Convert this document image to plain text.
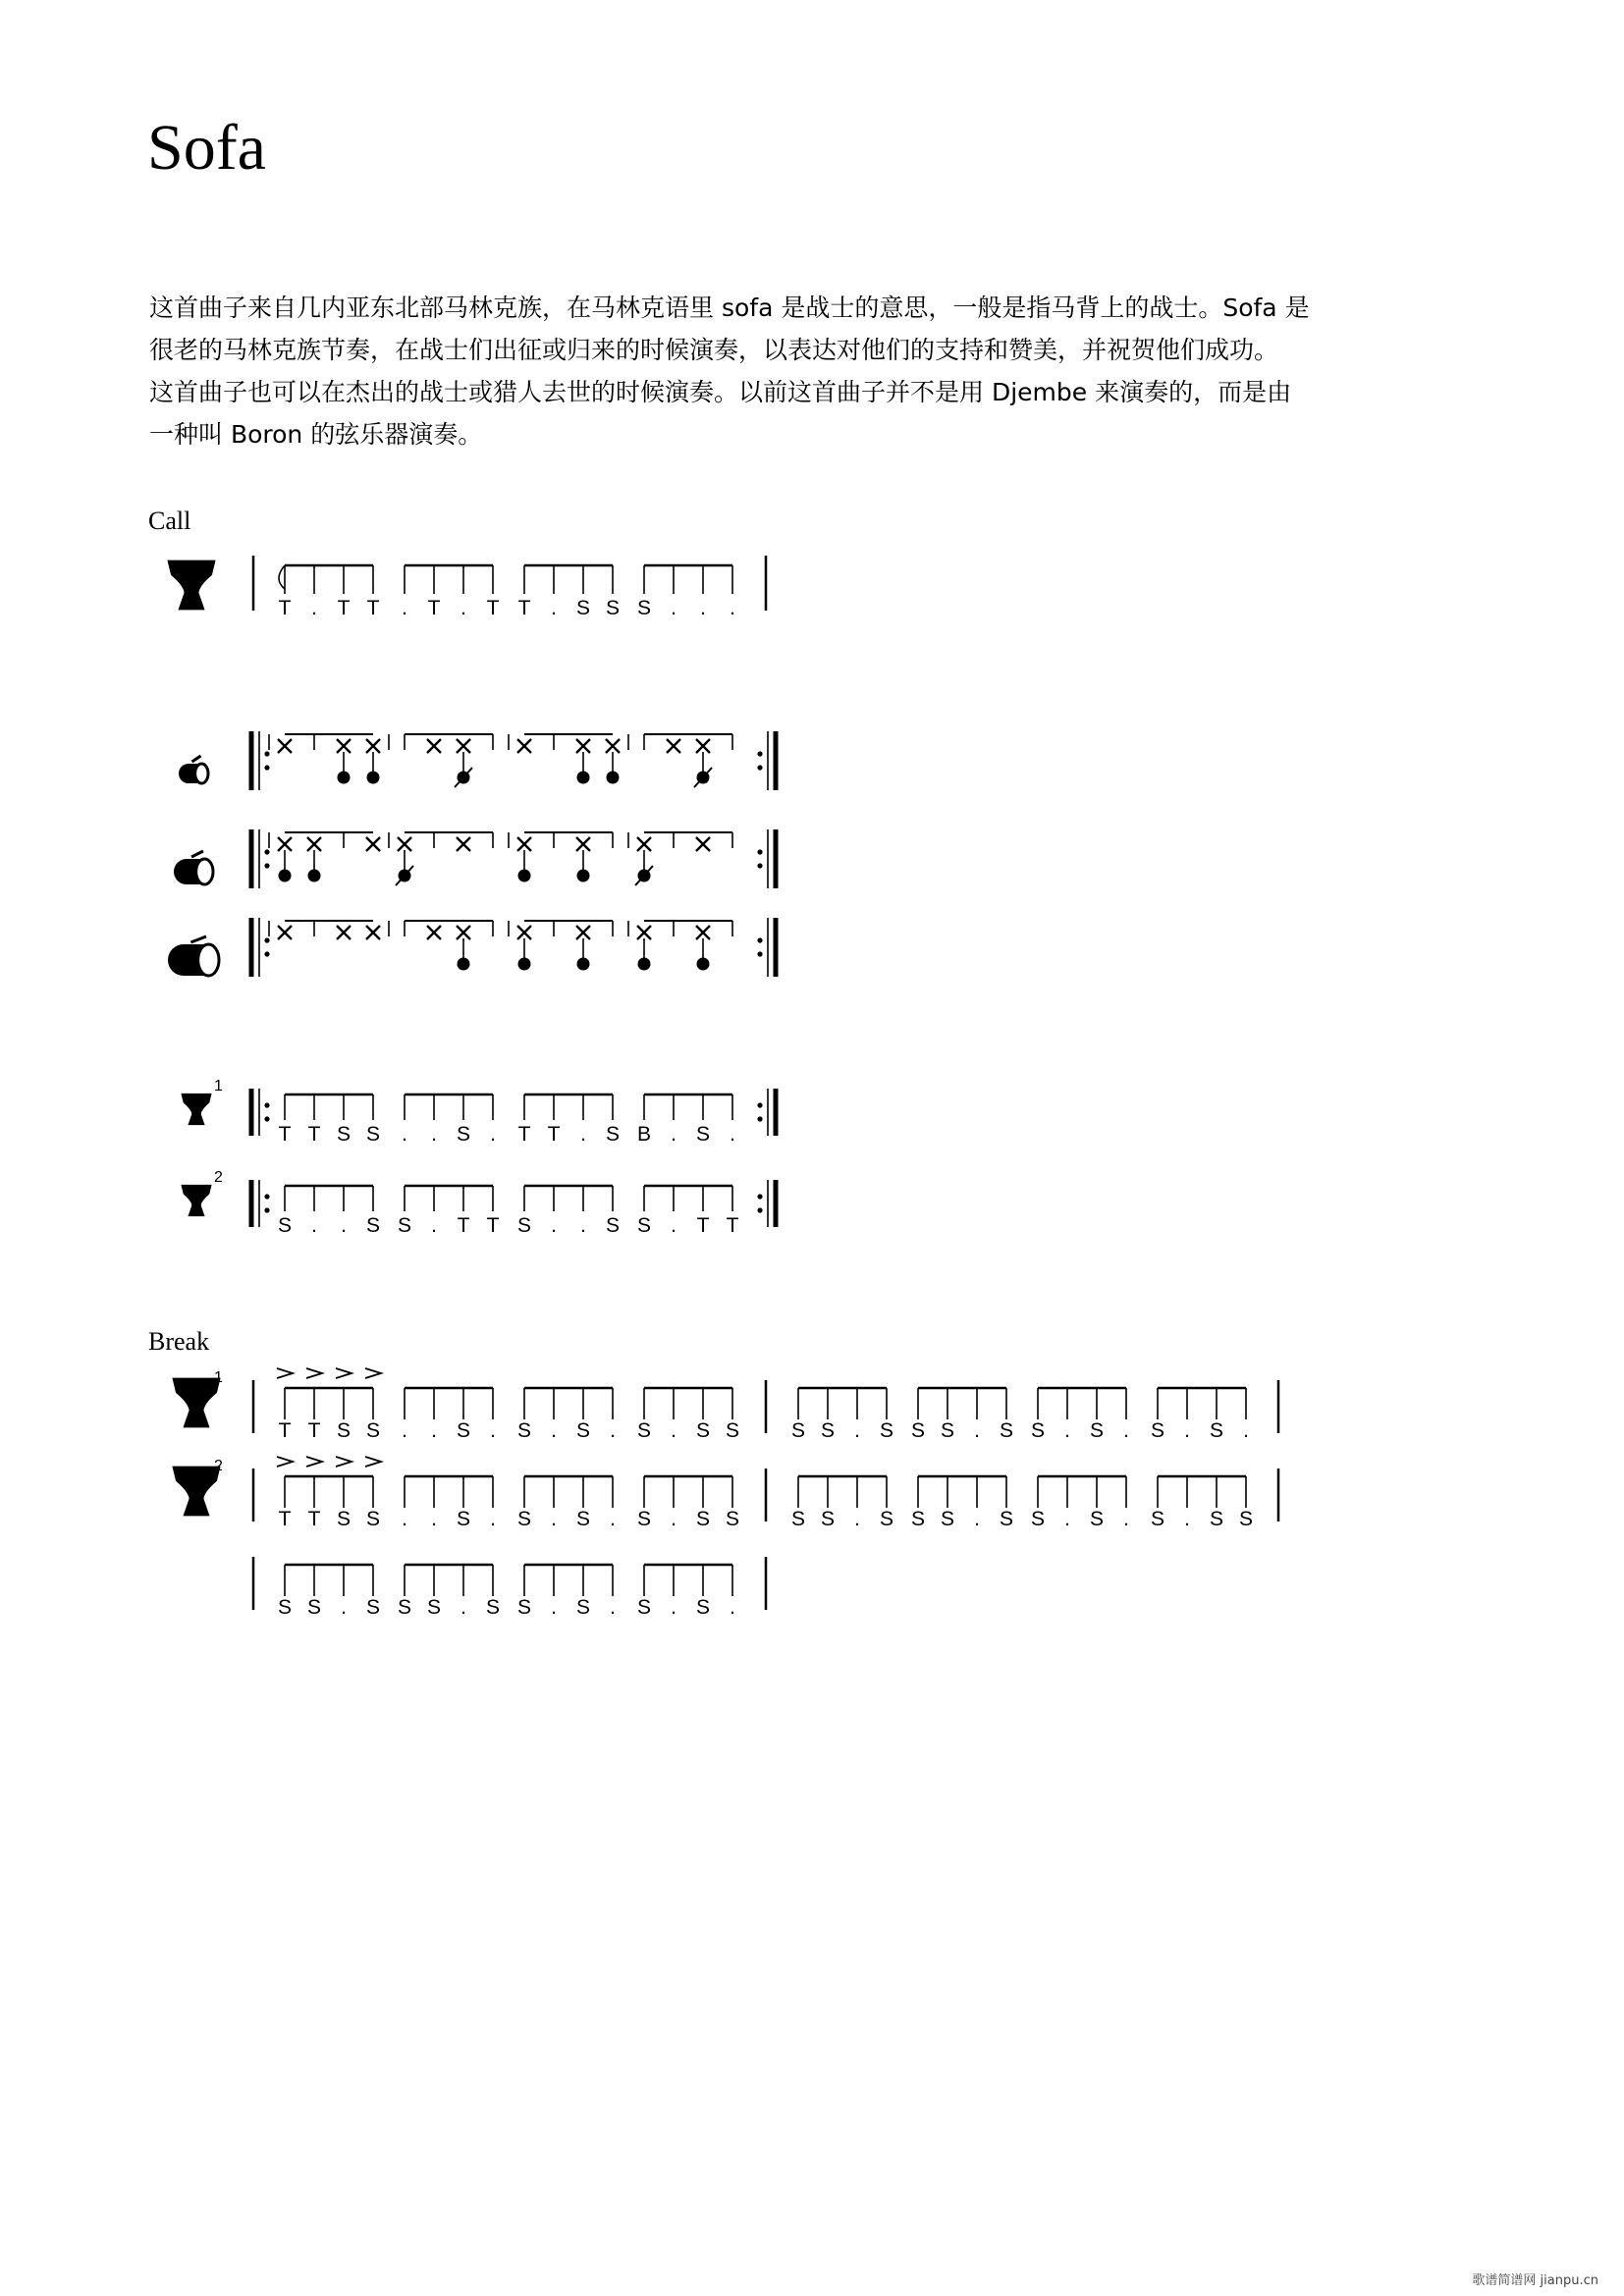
Sofa
这首曲子来自几内亚东北部马林克族，在马林克语里 sofa 是战士的意思，一般是指马背上的战士。Sofa 是
很老的马林克族节奏，在战士们出征或归来的时候演奏，以表达对他们的支持和赞美，并祝贺他们成功。
这首曲子也可以在杰出的战士或猎人去世的时候演奏。以前这首曲子并不是用 Djembe 来演奏的，而是由
一种叫 Boron 的弦乐器演奏。
Call
Break
T . T T . T . T T . S S S . . .
1
T T S S . . S . T T . S B . S .
2
S . . S S . T T S . . S S . T T
1
T T S S . . S . S . S . S . S S	S S . S S S . S S . S . S . S .
2
T T S S . . S . S . S . S . S S	S S . S S S . S S . S . S . S S
S S . S S S . S S . S . S . S .
歌谱简谱网 jianpu.cn
